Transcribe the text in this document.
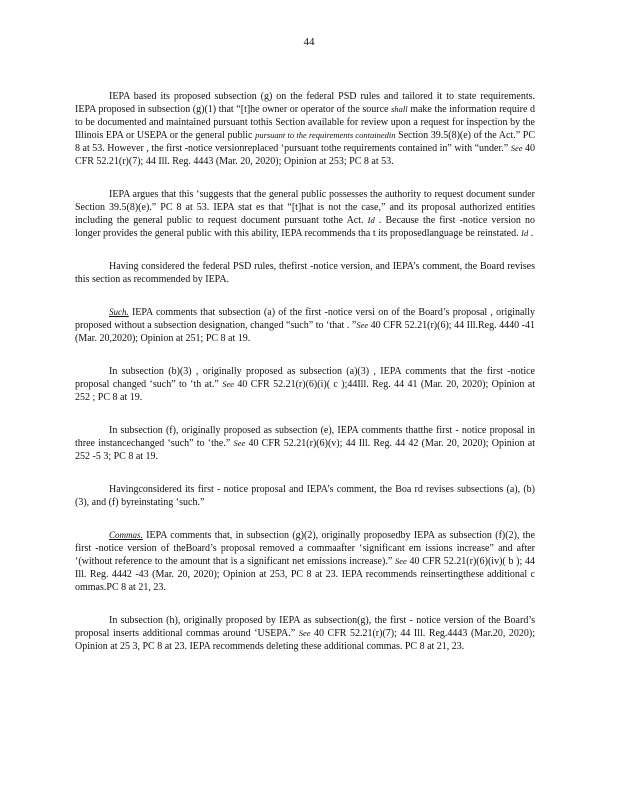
44

IEPA based its proposed subsection (g) on the federal PSD rules and tailored it to state requirements. IEPA proposed in subsection (g)(1) that “[t]he owner or operator of the source shall make the information require d to be documented and maintained pursuant tothis Section available for review upon a request for inspection by the Illinois EPA or USEPA or the general public pursuant to the requirements containedin Section 39.5(8)(e) of the Act.” PC 8 at 53. However , the first -notice versionreplaced ‘pursuant tothe requirements contained in” with “under.” See 40 CFR 52.21(r)(7); 44 Ill. Reg. 4443 (Mar. 20, 2020); Opinion at 253; PC 8 at 53.

IEPA argues that this ‘suggests that the general public possesses the authority to request document sunder Section 39.5(8)(e).” PC 8 at 53. IEPA stat es that “[t]hat is not the case,” and its proposal authorized entities including the general public to request document pursuant tothe Act. Id . Because the first -notice version no longer provides the general public with this ability, IEPA recommends tha t its proposedlanguage be reinstated. Id .

Having considered the federal PSD rules, thefirst -notice version, and IEPA’s comment, the Board revises this section as recommended by IEPA.

Such. IEPA comments that subsection (a) of the first -notice versi on of the Board’s proposal , originally proposed without a subsection designation, changed “such” to ‘that . ”See 40 CFR 52.21(r)(6); 44 Ill.Reg. 4440 -41 (Mar. 20,2020); Opinion at 251; PC 8 at 19.

In subsection (b)(3) , originally proposed as subsection (a)(3) , IEPA comments that the first -notice proposal changed ‘such” to ‘th at.” See 40 CFR 52.21(r)(6)(i)( c );44Ill. Reg. 44 41 (Mar. 20, 2020); Opinion at 252 ; PC 8 at 19.

In subsection (f), originally proposed as subsection (e), IEPA comments thatthe first - notice proposal in three instancechanged ‘such” to ‘the.” See 40 CFR 52.21(r)(6)(v); 44 Ill. Reg. 44 42 (Mar. 20, 2020); Opinion at 252 -5 3; PC 8 at 19.

Havingconsidered its first - notice proposal and IEPA’s comment, the Boa rd revises subsections (a), (b) (3), and (f) byreinstating ‘such.”

Commas. IEPA comments that, in subsection (g)(2), originally proposedby IEPA as subsection (f)(2), the first -notice version of theBoard’s proposal removed a commaafter ‘significant em issions increase” and after ‘(without reference to the amount that is a significant net emissions increase).” See 40 CFR 52.21(r)(6)(iv)( b ); 44 Ill. Reg. 4442 -43 (Mar. 20, 2020); Opinion at 253, PC 8 at 23. IEPA recommends reinsertingthese additional c ommas.PC 8 at 21, 23.

In subsection (h), originally proposed by IEPA as subsection(g), the first - notice version of the Board’s proposal inserts additional commas around ‘USEPA.” See 40 CFR 52.21(r)(7); 44 Ill. Reg.4443 (Mar.20, 2020); Opinion at 25 3, PC 8 at 23. IEPA recommends deleting these additional commas. PC 8 at 21, 23.
